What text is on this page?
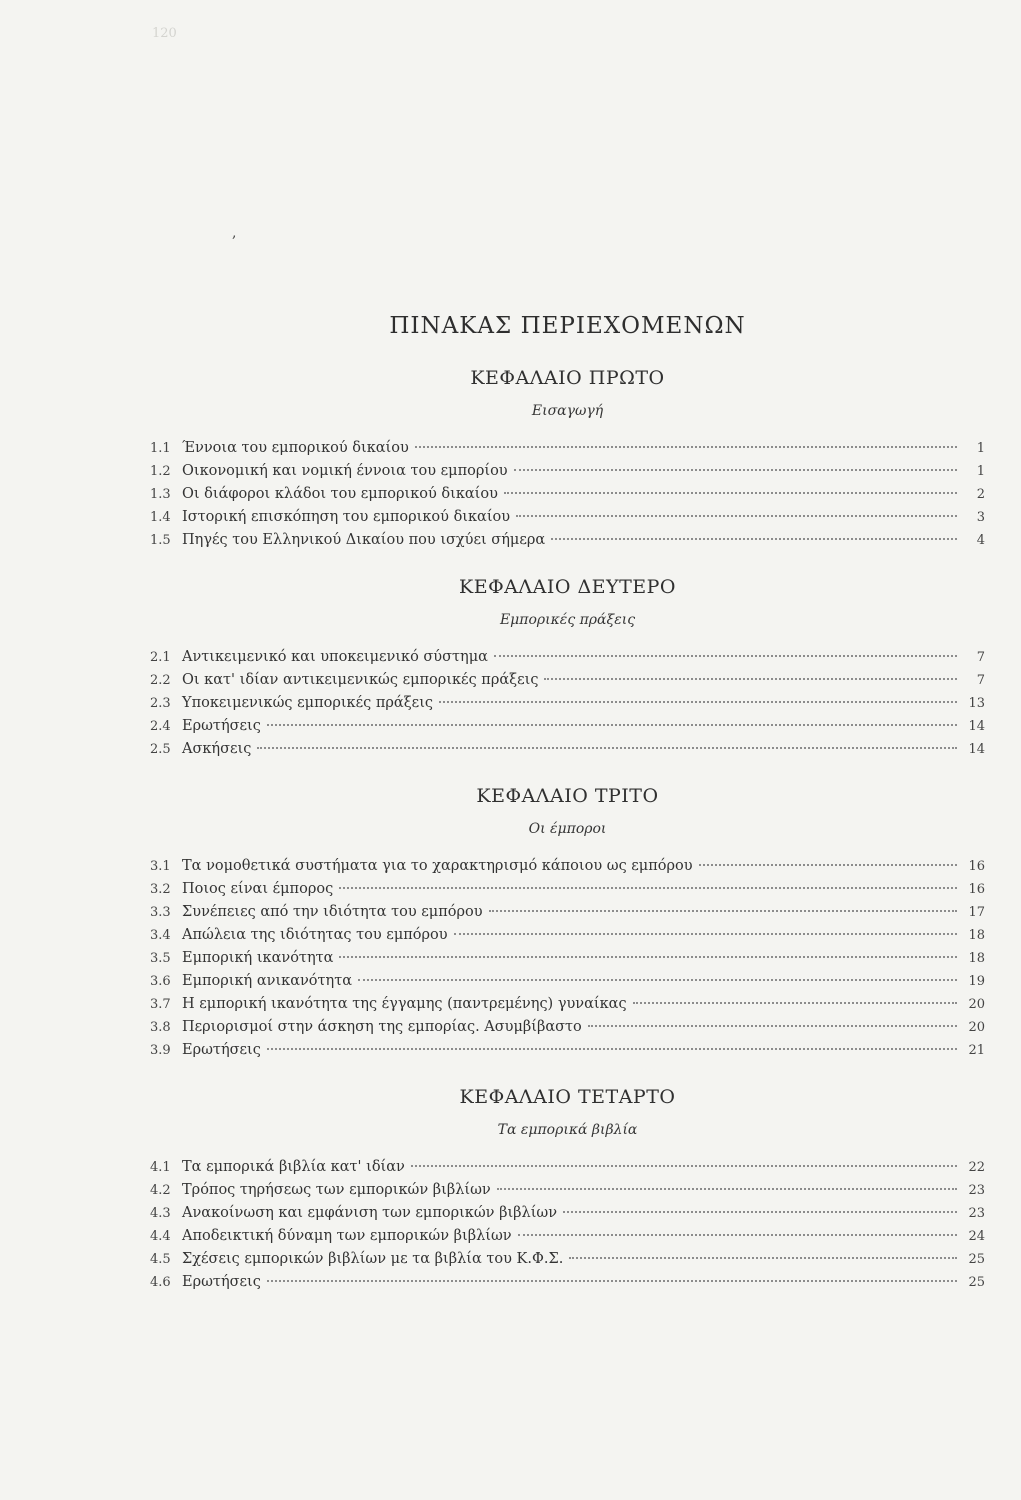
120
,
ΠΙΝΑΚΑΣ ΠΕΡΙΕΧΟΜΕΝΩΝ
ΚΕΦΑΛΑΙΟ ΠΡΩΤΟ
Εισαγωγή
1.1 Έννοια του εμπορικού δικαίου	1
1.2 Οικονομική και νομική έννοια του εμπορίου	1
1.3 Οι διάφοροι κλάδοι του εμπορικού δικαίου	2
1.4 Ιστορική επισκόπηση του εμπορικού δικαίου	3
1.5 Πηγές του Ελληνικού Δικαίου που ισχύει σήμερα	4
ΚΕΦΑΛΑΙΟ ΔΕΥΤΕΡΟ
Εμπορικές πράξεις
2.1 Αντικειμενικό και υποκειμενικό σύστημα	7
2.2 Οι κατ' ιδίαν αντικειμενικώς εμπορικές πράξεις	7
2.3 Υποκειμενικώς εμπορικές πράξεις	13
2.4 Ερωτήσεις	14
2.5 Ασκήσεις	14
ΚΕΦΑΛΑΙΟ ΤΡΙΤΟ
Οι έμποροι
3.1 Τα νομοθετικά συστήματα για το χαρακτηρισμό κάποιου ως εμπόρου	16
3.2 Ποιος είναι έμπορος	16
3.3 Συνέπειες από την ιδιότητα του εμπόρου	17
3.4 Απώλεια της ιδιότητας του εμπόρου	18
3.5 Εμπορική ικανότητα	18
3.6 Εμπορική ανικανότητα	19
3.7 Η εμπορική ικανότητα της έγγαμης (παντρεμένης) γυναίκας	20
3.8 Περιορισμοί στην άσκηση της εμπορίας. Ασυμβίβαστο	20
3.9 Ερωτήσεις	21
ΚΕΦΑΛΑΙΟ ΤΕΤΑΡΤΟ
Τα εμπορικά βιβλία
4.1 Τα εμπορικά βιβλία κατ' ιδίαν	22
4.2 Τρόπος τηρήσεως των εμπορικών βιβλίων	23
4.3 Ανακοίνωση και εμφάνιση των εμπορικών βιβλίων	23
4.4 Αποδεικτική δύναμη των εμπορικών βιβλίων	24
4.5 Σχέσεις εμπορικών βιβλίων με τα βιβλία του Κ.Φ.Σ.	25
4.6 Ερωτήσεις	25
